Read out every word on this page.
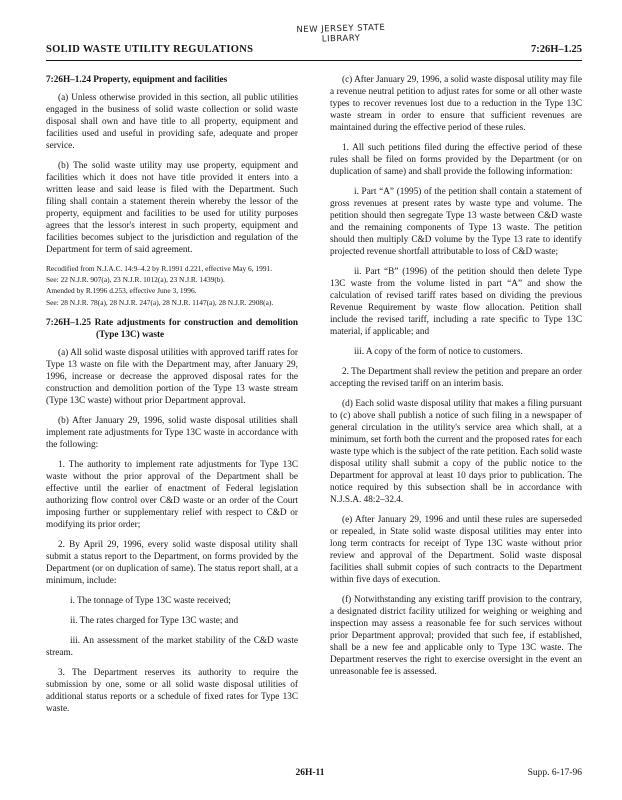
NEW JERSEY STATE LIBRARY
SOLID WASTE UTILITY REGULATIONS	7:26H–1.25
7:26H–1.24 Property, equipment and facilities

(a) Unless otherwise provided in this section, all public utilities engaged in the business of solid waste collection or solid waste disposal shall own and have title to all property, equipment and facilities used and useful in providing safe, adequate and proper service.

(b) The solid waste utility may use property, equipment and facilities which it does not have title provided it enters into a written lease and said lease is filed with the Department. Such filing shall contain a statement therein whereby the lessor of the property, equipment and facilities to be used for utility purposes agrees that the lessor's interest in such property, equipment and facilities becomes subject to the jurisdiction and regulation of the Department for term of said agreement.

Recodified from N.J.A.C. 14:9–4.2 by R.1991 d.221, effective May 6, 1991.
See: 22 N.J.R. 907(a), 23 N.J.R. 1012(a), 23 N.J.R. 1439(b).
Amended by R.1996 d.253, effective June 3, 1996.
See: 28 N.J.R. 78(a), 28 N.J.R. 247(a), 28 N.J.R. 1147(a), 28 N.J.R. 2908(a).
7:26H–1.25 Rate adjustments for construction and demolition (Type 13C) waste

(a) All solid waste disposal utilities with approved tariff rates for Type 13 waste on file with the Department may, after January 29, 1996, increase or decrease the approved disposal rates for the construction and demolition portion of the Type 13 waste stream (Type 13C waste) without prior Department approval.

(b) After January 29, 1996, solid waste disposal utilities shall implement rate adjustments for Type 13C waste in accordance with the following:

1. The authority to implement rate adjustments for Type 13C waste without the prior approval of the Department shall be effective until the earlier of enactment of Federal legislation authorizing flow control over C&D waste or an order of the Court imposing further or supplementary relief with respect to C&D or modifying its prior order;

2. By April 29, 1996, every solid waste disposal utility shall submit a status report to the Department, on forms provided by the Department (or on duplication of same). The status report shall, at a minimum, include:

i. The tonnage of Type 13C waste received;

ii. The rates charged for Type 13C waste; and

iii. An assessment of the market stability of the C&D waste stream.

3. The Department reserves its authority to require the submission by one, some or all solid waste disposal utilities of additional status reports or a schedule of fixed rates for Type 13C waste.

(c) After January 29, 1996, a solid waste disposal utility may file a revenue neutral petition to adjust rates for some or all other waste types to recover revenues lost due to a reduction in the Type 13C waste stream in order to ensure that sufficient revenues are maintained during the effective period of these rules.

1. All such petitions filed during the effective period of these rules shall be filed on forms provided by the Department (or on duplication of same) and shall provide the following information:

i. Part “A” (1995) of the petition shall contain a statement of gross revenues at present rates by waste type and volume. The petition should then segregate Type 13 waste between C&D waste and the remaining components of Type 13 waste. The petition should then multiply C&D volume by the Type 13 rate to identify projected revenue shortfall attributable to loss of C&D waste;

ii. Part “B” (1996) of the petition should then delete Type 13C waste from the volume listed in part “A” and show the calculation of revised tariff rates based on dividing the previous Revenue Requirement by waste flow allocation. Petition shall include the revised tariff, including a rate specific to Type 13C material, if applicable; and

iii. A copy of the form of notice to customers.

2. The Department shall review the petition and prepare an order accepting the revised tariff on an interim basis.

(d) Each solid waste disposal utility that makes a filing pursuant to (c) above shall publish a notice of such filing in a newspaper of general circulation in the utility's service area which shall, at a minimum, set forth both the current and the proposed rates for each waste type which is the subject of the rate petition. Each solid waste disposal utility shall submit a copy of the public notice to the Department for approval at least 10 days prior to publication. The notice required by this subsection shall be in accordance with N.J.S.A. 48:2–32.4.

(e) After January 29, 1996 and until these rules are superseded or repealed, in State solid waste disposal utilities may enter into long term contracts for receipt of Type 13C waste without prior review and approval of the Department. Solid waste disposal facilities shall submit copies of such contracts to the Department within five days of execution.

(f) Notwithstanding any existing tariff provision to the contrary, a designated district facility utilized for weighing or weighing and inspection may assess a reasonable fee for such services without prior Department approval; provided that such fee, if established, shall be a new fee and applicable only to Type 13C waste. The Department reserves the right to exercise oversight in the event an unreasonable fee is assessed.

26H-11	Supp. 6-17-96
